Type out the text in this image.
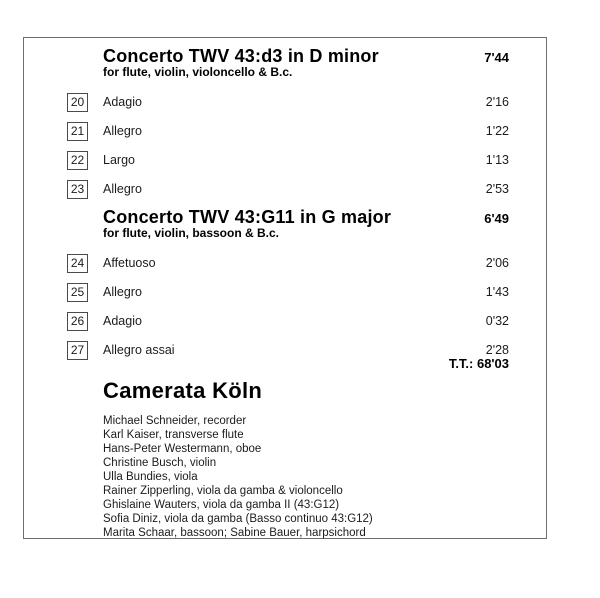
Concerto TWV 43:d3 in D minor
for flute, violin, violoncello & B.c.
7'44
20	Adagio	2'16
21	Allegro	1'22
22	Largo	1'13
23	Allegro	2'53
Concerto TWV 43:G11 in G major
for flute, violin, bassoon & B.c.
6'49
24	Affetuoso	2'06
25	Allegro	1'43
26	Adagio	0'32
27	Allegro assai	2'28
T.T.: 68'03
Camerata Köln
Michael Schneider, recorder
Karl Kaiser, transverse flute
Hans-Peter Westermann, oboe
Christine Busch, violin
Ulla Bundies, viola
Rainer Zipperling, viola da gamba & violoncello
Ghislaine Wauters, viola da gamba II (43:G12)
Sofia Diniz, viola da gamba (Basso continuo 43:G12)
Marita Schaar, bassoon; Sabine Bauer, harpsichord
